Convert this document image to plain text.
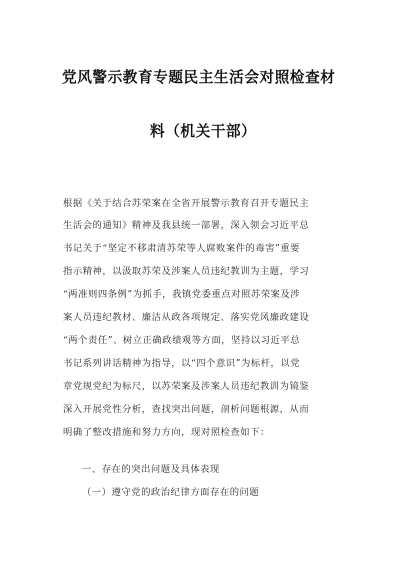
党风警示教育专题民主生活会对照检查材
料（机关干部）
根据《关于结合苏荣案在全省开展警示教育召开专题民主
生活会的通知》精神及我县统一部署，深入领会习近平总
书记关于“坚定不移肃清苏荣等人腐败案件的毒害”重要
指示精神，以汲取苏荣及涉案人员违纪教训为主题，学习
“两准则四条例”为抓手，我镇党委重点对照苏荣案及涉
案人员违纪教材、廉洁从政各项规定、落实党风廉政建设
“两个责任”、树立正确政绩观等方面，坚持以习近平总
书记系列讲话精神为指导，以“四个意识”为标杆，以党
章党规党纪为标尺，以苏荣案及涉案人员违纪教训为镜鉴
深入开展党性分析，查找突出问题，剖析问题根源，从而
明确了整改措施和努力方向，现对照检查如下：
一、存在的突出问题及具体表现
（一）遵守党的政治纪律方面存在的问题
